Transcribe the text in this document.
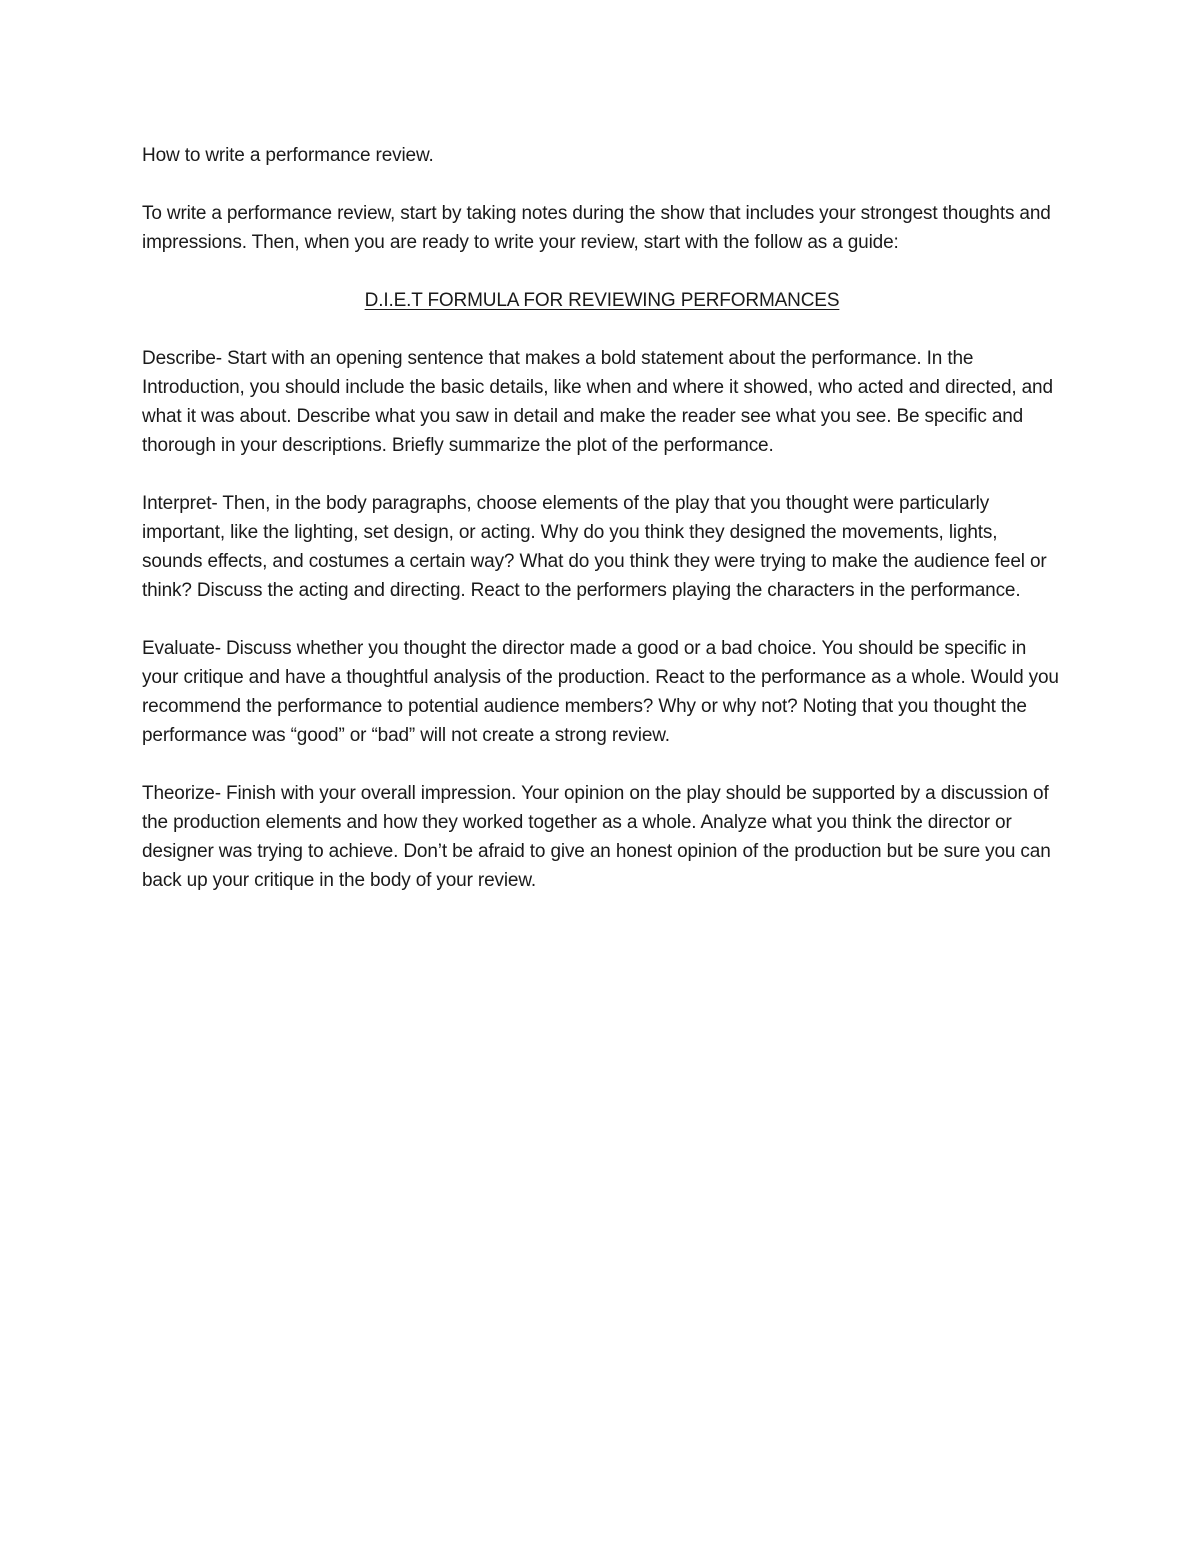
How to write a performance review.

To write a performance review, start by taking notes during the show that includes your strongest thoughts and impressions. Then, when you are ready to write your review, start with the follow as a guide:

D.I.E.T FORMULA FOR REVIEWING PERFORMANCES

Describe- Start with an opening sentence that makes a bold statement about the performance. In the Introduction, you should include the basic details, like when and where it showed, who acted and directed, and what it was about. Describe what you saw in detail and make the reader see what you see. Be specific and thorough in your descriptions. Briefly summarize the plot of the performance.

Interpret- Then, in the body paragraphs, choose elements of the play that you thought were particularly important, like the lighting, set design, or acting. Why do you think they designed the movements, lights, sounds effects, and costumes a certain way? What do you think they were trying to make the audience feel or think? Discuss the acting and directing. React to the performers playing the characters in the performance.

Evaluate- Discuss whether you thought the director made a good or a bad choice. You should be specific in your critique and have a thoughtful analysis of the production. React to the performance as a whole. Would you recommend the performance to potential audience members? Why or why not? Noting that you thought the performance was “good” or “bad” will not create a strong review.

Theorize- Finish with your overall impression. Your opinion on the play should be supported by a discussion of the production elements and how they worked together as a whole. Analyze what you think the director or designer was trying to achieve. Don’t be afraid to give an honest opinion of the production but be sure you can back up your critique in the body of your review.
